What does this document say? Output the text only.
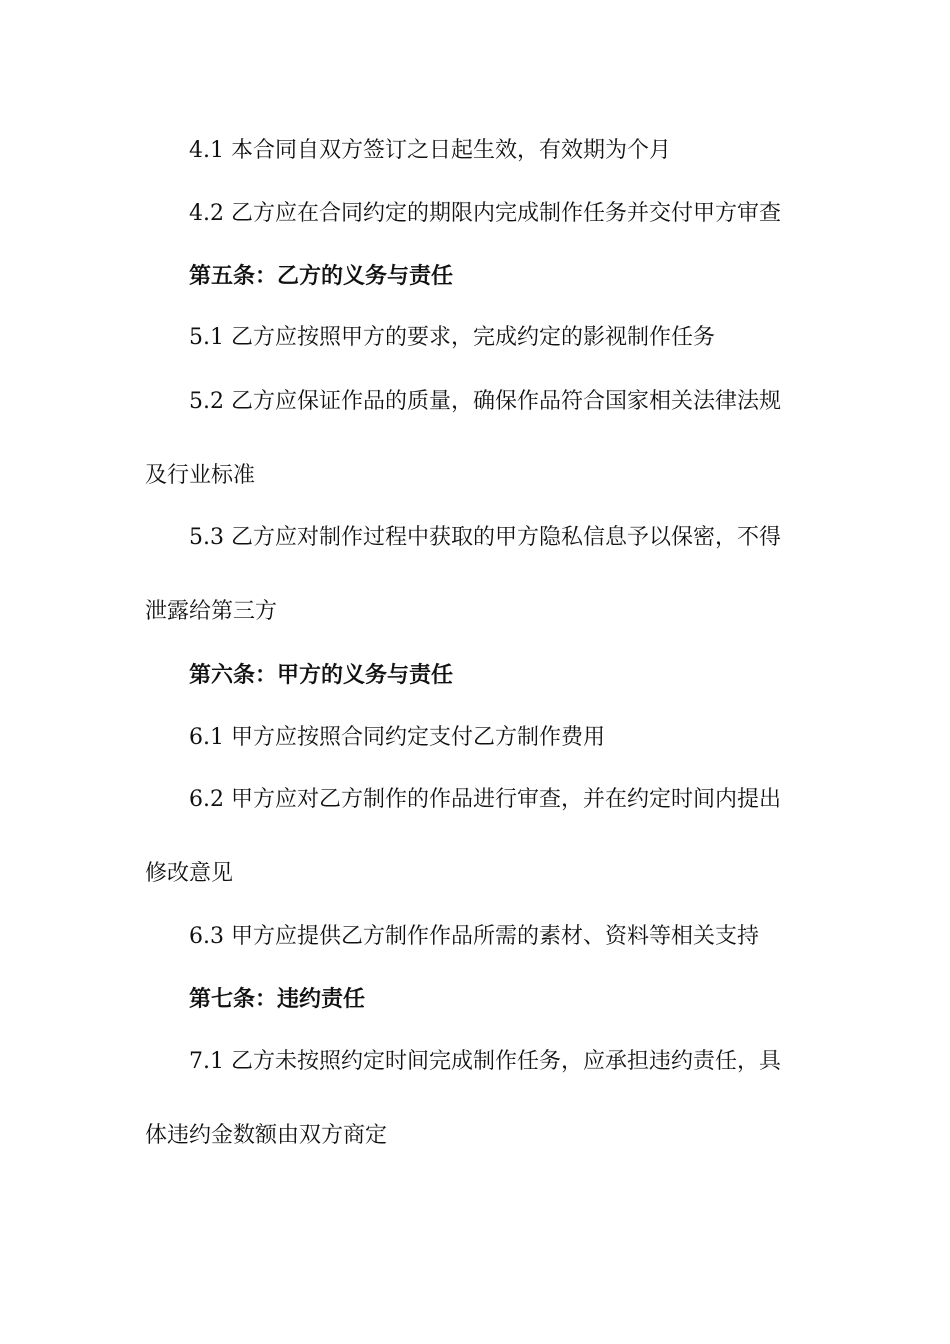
4.1 本合同自双方签订之日起生效，有效期为个月

4.2 乙方应在合同约定的期限内完成制作任务并交付甲方审查

第五条：乙方的义务与责任

5.1 乙方应按照甲方的要求，完成约定的影视制作任务

5.2 乙方应保证作品的质量，确保作品符合国家相关法律法规

及行业标准

5.3 乙方应对制作过程中获取的甲方隐私信息予以保密，不得

泄露给第三方

第六条：甲方的义务与责任

6.1 甲方应按照合同约定支付乙方制作费用

6.2 甲方应对乙方制作的作品进行审查，并在约定时间内提出

修改意见

6.3 甲方应提供乙方制作作品所需的素材、资料等相关支持

第七条：违约责任

7.1 乙方未按照约定时间完成制作任务，应承担违约责任，具

体违约金数额由双方商定
